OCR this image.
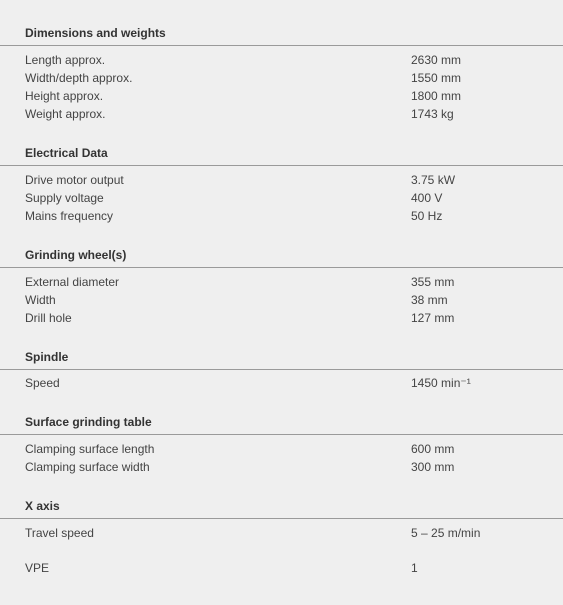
Dimensions and weights
Length approx.	2630 mm
Width/depth approx.	1550 mm
Height approx.	1800 mm
Weight approx.	1743 kg
Electrical Data
Drive motor output	3.75 kW
Supply voltage	400 V
Mains frequency	50 Hz
Grinding wheel(s)
External diameter	355 mm
Width	38 mm
Drill hole	127 mm
Spindle
Speed	1450 min⁻¹
Surface grinding table
Clamping surface length	600 mm
Clamping surface width	300 mm
X axis
Travel speed	5 – 25 m/min
VPE	1
